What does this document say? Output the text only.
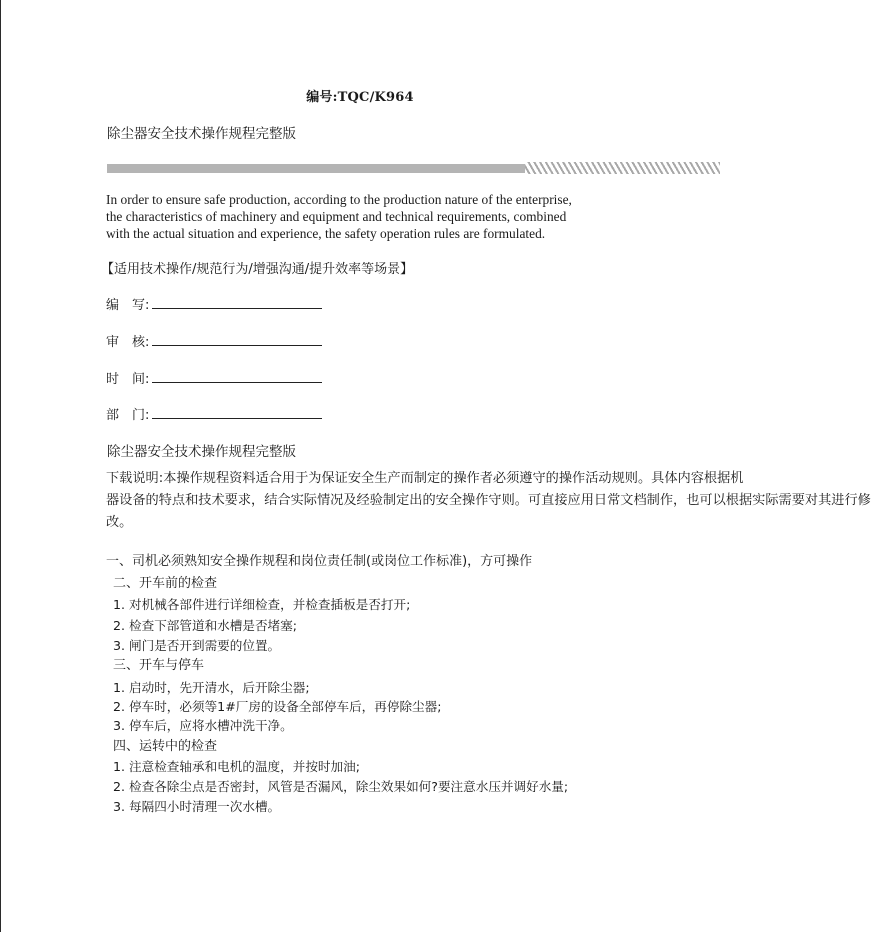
编号:TQC/K964
除尘器安全技术操作规程完整版
In order to ensure safe production, according to the production nature of the enterprise,
the characteristics of machinery and equipment and technical requirements, combined
with the actual situation and experience, the safety operation rules are formulated.
【适用技术操作/规范行为/增强沟通/提升效率等场景】
编　写:
审　核:
时　间:
部　门:
除尘器安全技术操作规程完整版
下载说明:本操作规程资料适合用于为保证安全生产而制定的操作者必须遵守的操作活动规则。具体内容根据机
器设备的特点和技术要求，结合实际情况及经验制定出的安全操作守则。可直接应用日常文档制作，也可以根据实际需要对其进行修
改。
一、司机必须熟知安全操作规程和岗位责任制(或岗位工作标准)，方可操作
二、开车前的检查
1. 对机械各部件进行详细检查，并检查插板是否打开;
2. 检查下部管道和水槽是否堵塞;
3. 闸门是否开到需要的位置。
三、开车与停车
1. 启动时，先开清水，后开除尘器;
2. 停车时，必须等1#厂房的设备全部停车后，再停除尘器;
3. 停车后，应将水槽冲洗干净。
四、运转中的检查
1. 注意检查轴承和电机的温度，并按时加油;
2. 检查各除尘点是否密封，风管是否漏风，除尘效果如何?要注意水压并调好水量;
3. 每隔四小时清理一次水槽。
